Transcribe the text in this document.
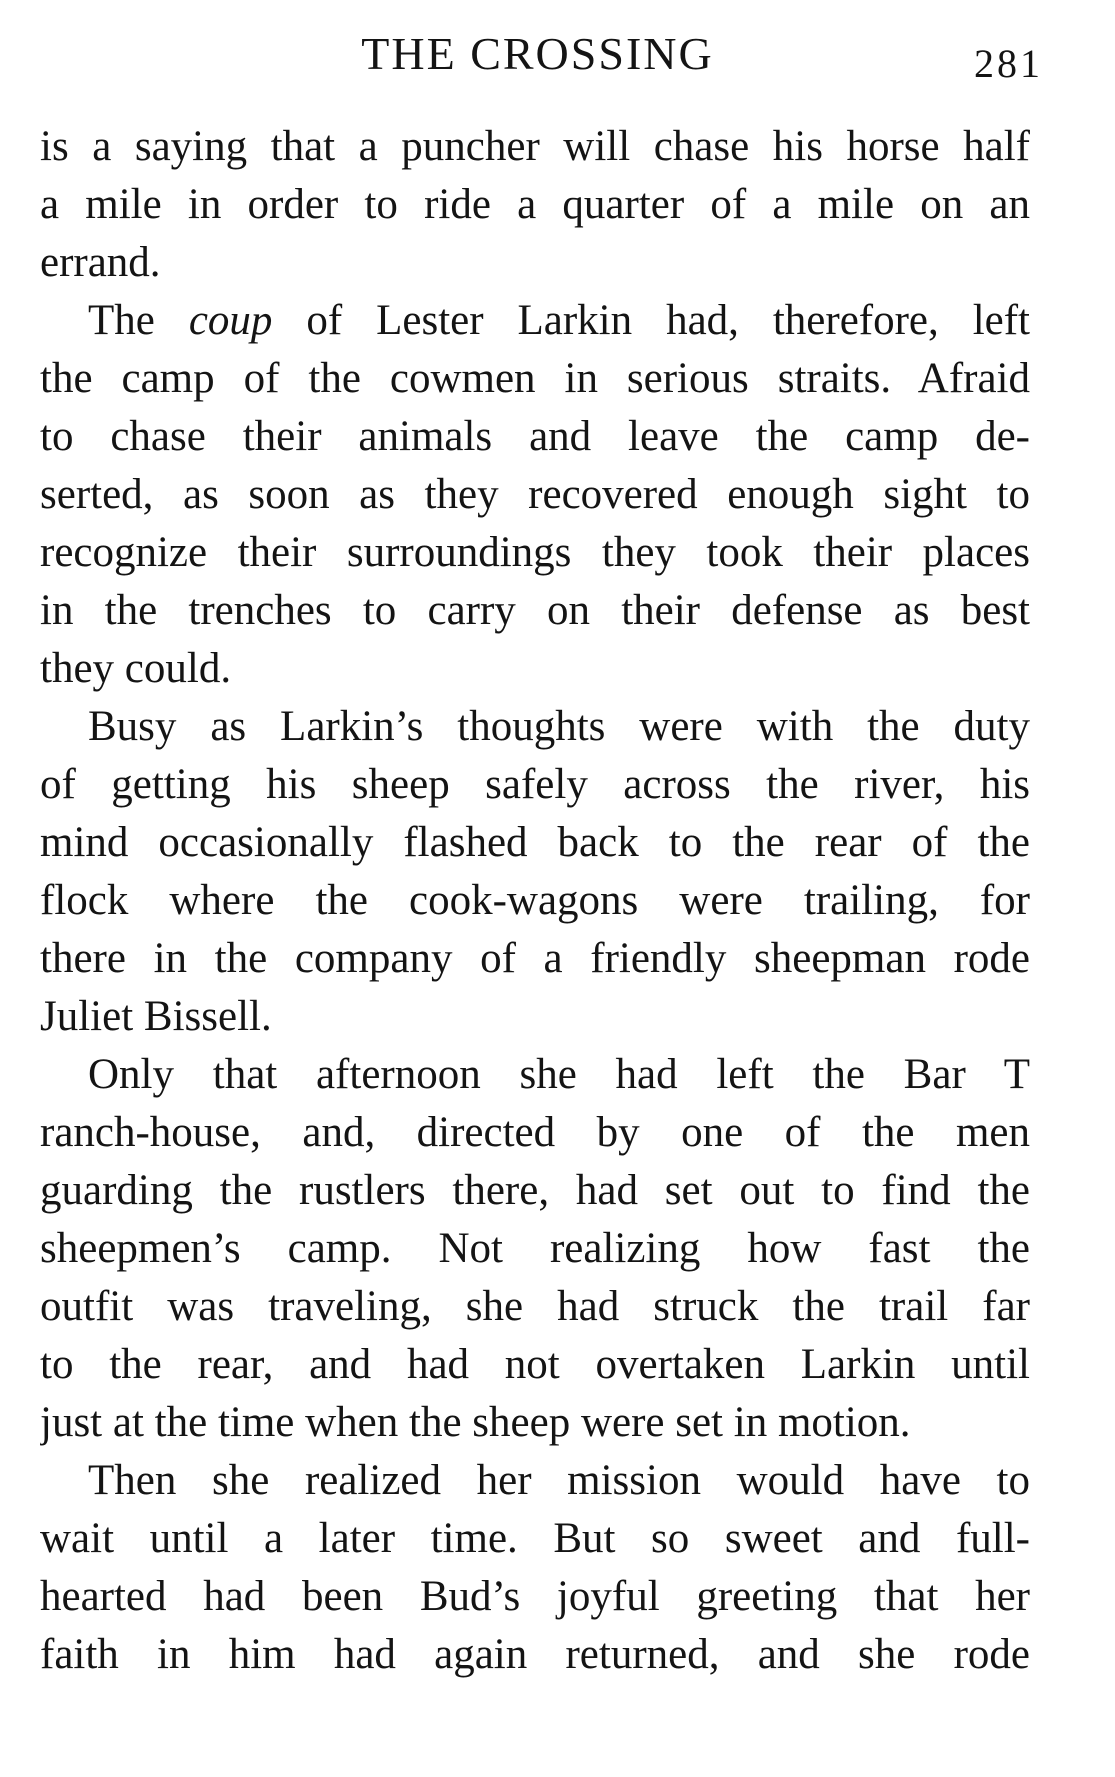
THE CROSSING	281
is a saying that a puncher will chase his horse half
a mile in order to ride a quarter of a mile on an
errand.
The coup of Lester Larkin had, therefore, left
the camp of the cowmen in serious straits. Afraid
to chase their animals and leave the camp de-
serted, as soon as they recovered enough sight to
recognize their surroundings they took their places
in the trenches to carry on their defense as best
they could.
Busy as Larkin’s thoughts were with the duty
of getting his sheep safely across the river, his
mind occasionally flashed back to the rear of the
flock where the cook-wagons were trailing, for
there in the company of a friendly sheepman rode
Juliet Bissell.
Only that afternoon she had left the Bar T
ranch-house, and, directed by one of the men
guarding the rustlers there, had set out to find the
sheepmen’s camp. Not realizing how fast the
outfit was traveling, she had struck the trail far
to the rear, and had not overtaken Larkin until
just at the time when the sheep were set in motion.
Then she realized her mission would have to
wait until a later time. But so sweet and full-
hearted had been Bud’s joyful greeting that her
faith in him had again returned, and she rode
